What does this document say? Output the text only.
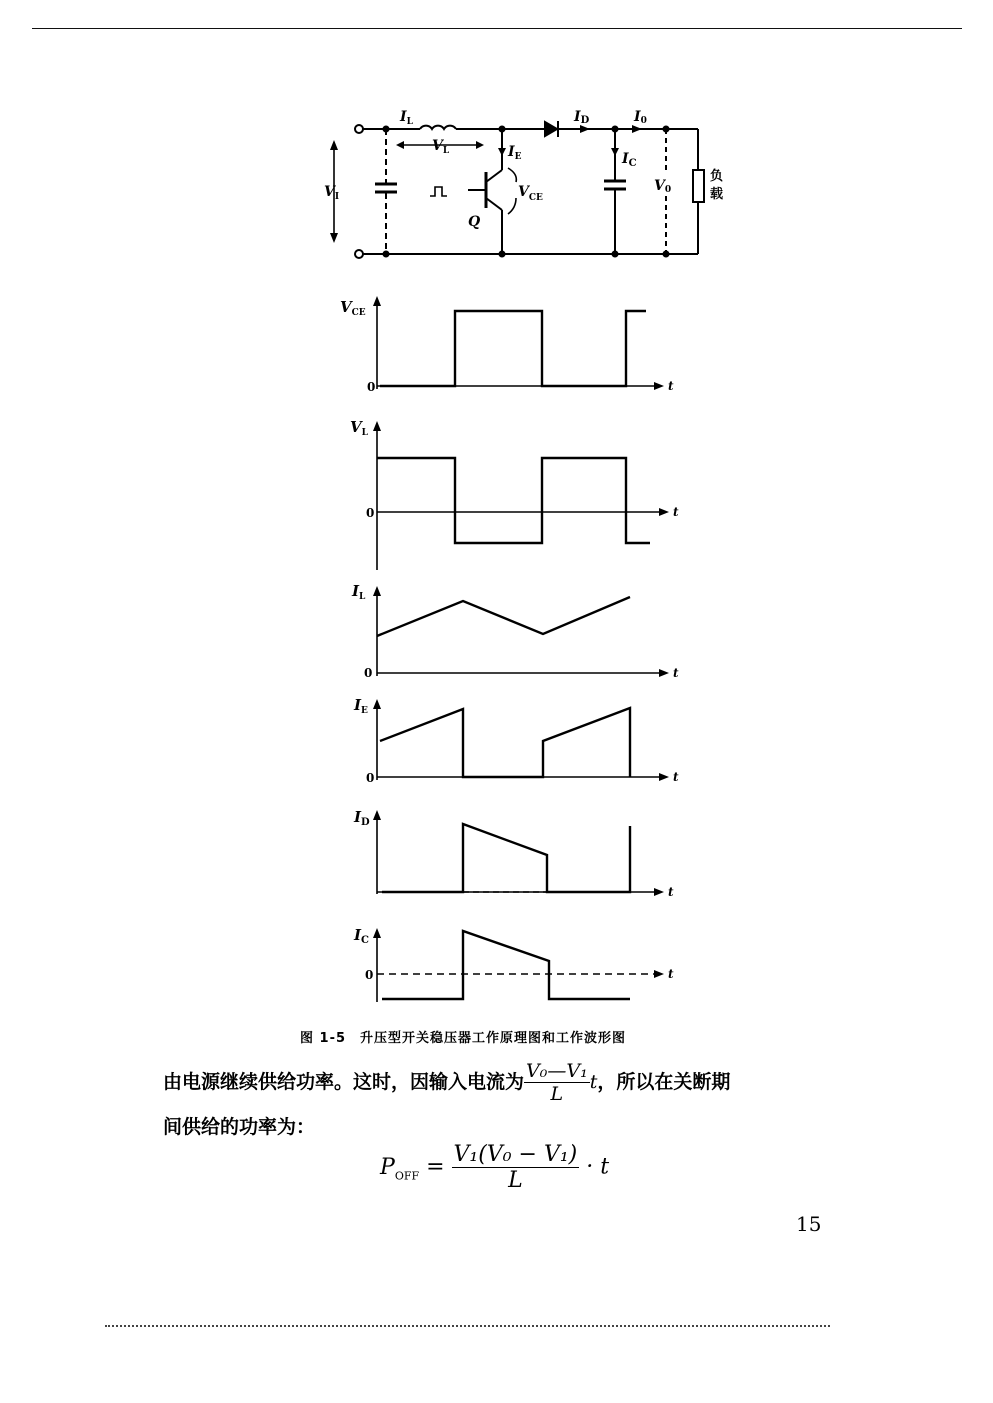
$I_L$
$V_L$	$I_E$
$V_{CE}$
Q
ID	I0
$I_C$
V0
$V_I$
负
载
$V_{CE}$
0	t
$V_L$
0	t
$I_L$
0	t
$I_E$
0	t
$I_D$
t
$I_C$
0	t
图 1-5　升压型开关稳压器工作原理图和工作波形图
由电源继续供给功率。这时，因输入电流为 $\frac{\text{V₀—V₁}}{L}$ t，所以在关断期
间供给的功率为：
$P_{OFF} = \frac{\text{V₁(V₀ − V₁)}}{L} \cdot t$
15
